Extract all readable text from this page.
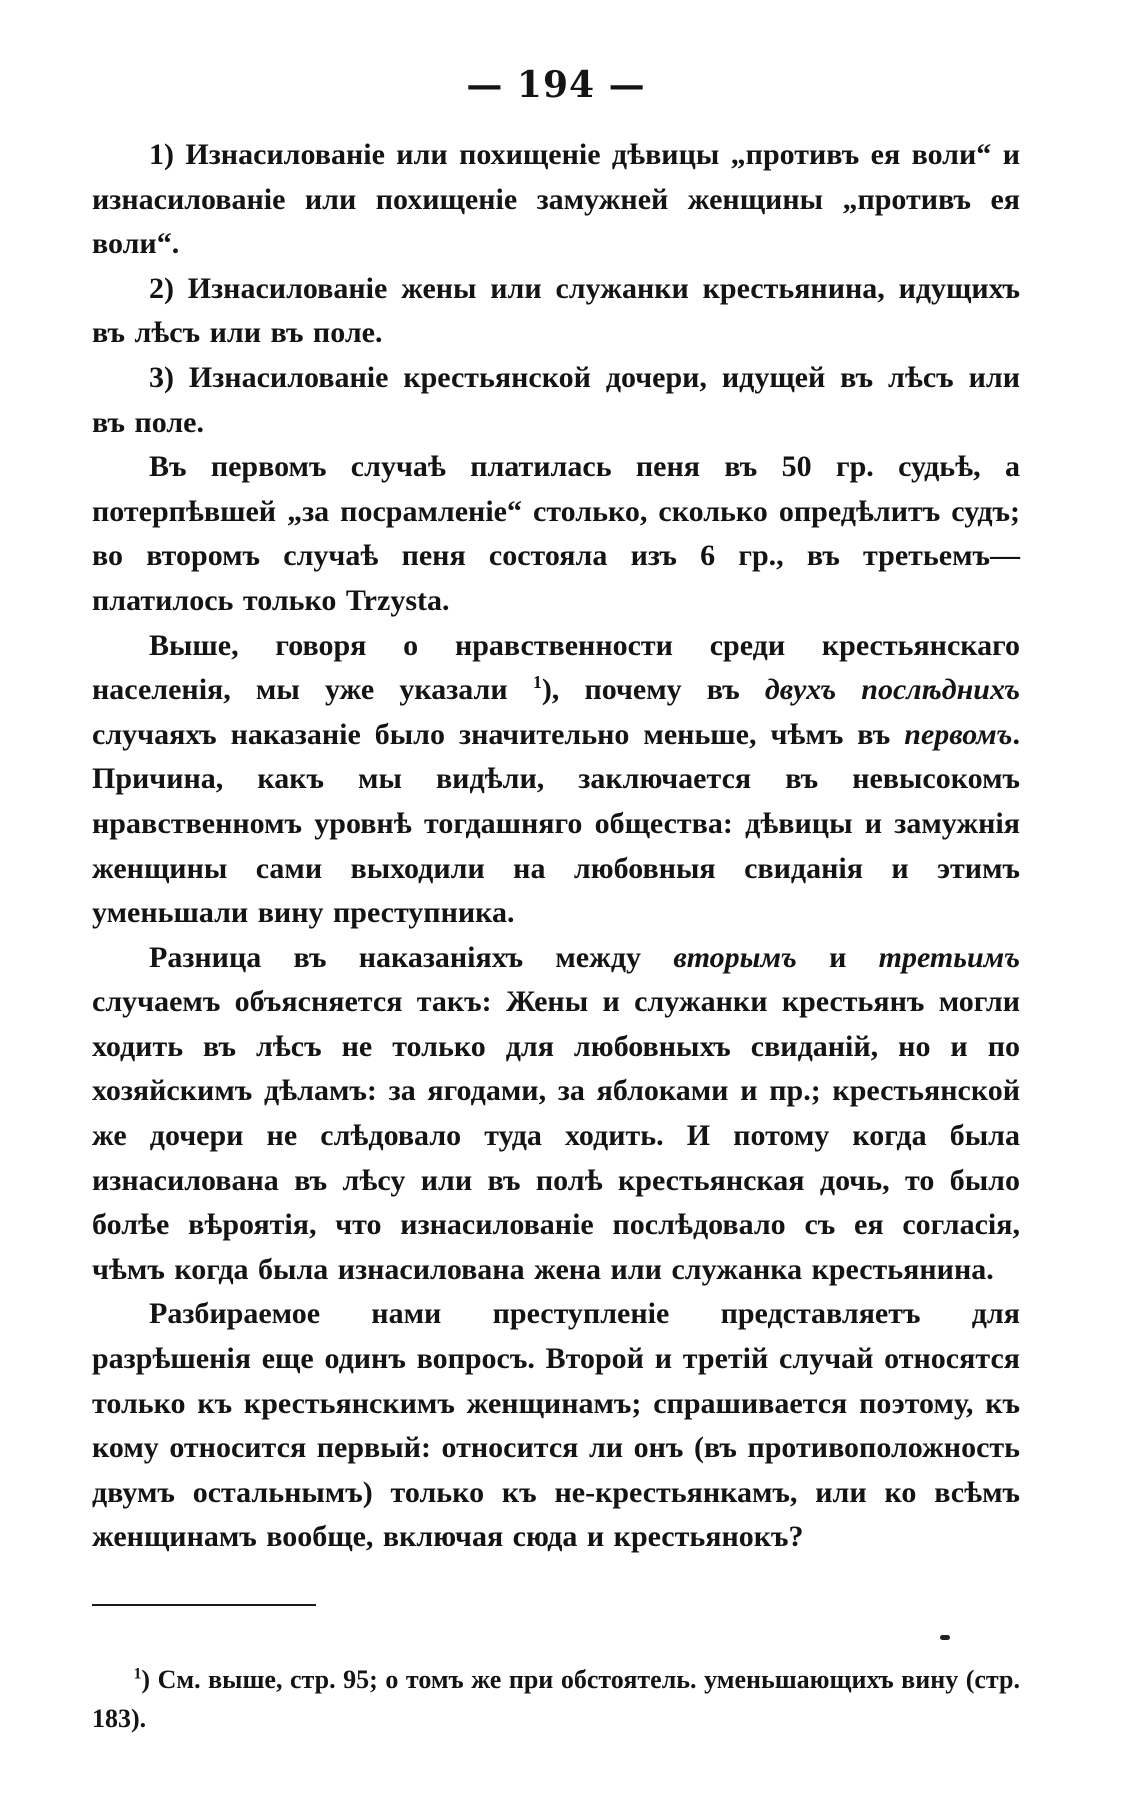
— 194 —

1) Изнасилованіе или похищеніе дѣвицы „противъ ея воли“ и изнасилованіе или похищеніе замужней женщины „противъ ея воли“.

2) Изнасилованіе жены или служанки крестьянина, идущихъ въ лѣсъ или въ поле.

3) Изнасилованіе крестьянской дочери, идущей въ лѣсъ или въ поле.

Въ первомъ случаѣ платилась пеня въ 50 гр. судьѣ, а потерпѣвшей „за посрамленіе“ столько, сколько опредѣлитъ судъ; во второмъ случаѣ пеня состояла изъ 6 гр., въ третьемъ—платилось только Trzysta.

Выше, говоря о нравственности среди крестьянскаго населенія, мы уже указали $^1$), почему въ двухъ послѣднихъ случаяхъ наказаніе было значительно меньше, чѣмъ въ первомъ. Причина, какъ мы видѣли, заключается въ невысокомъ нравственномъ уровнѣ тогдашняго общества: дѣвицы и замужнія женщины сами выходили на любовныя свиданія и этимъ уменьшали вину преступника.

Разница въ наказаніяхъ между вторымъ и третьимъ случаемъ объясняется такъ: Жены и служанки крестьянъ могли ходить въ лѣсъ не только для любовныхъ свиданій, но и по хозяйскимъ дѣламъ: за ягодами, за яблоками и пр.; крестьянской же дочери не слѣдовало туда ходить. И потому когда была изнасилована въ лѣсу или въ полѣ крестьянская дочь, то было болѣе вѣроятія, что изнасилованіе послѣдовало съ ея согласія, чѣмъ когда была изнасилована жена или служанка крестьянина.

Разбираемое нами преступленіе представляетъ для разрѣшенія еще одинъ вопросъ. Второй и третій случай относятся только къ крестьянскимъ женщинамъ; спрашивается поэтому, къ кому относится первый: относится ли онъ (въ противоположность двумъ остальнымъ) только къ не-крестьянкамъ, или ко всѣмъ женщинамъ вообще, включая сюда и крестьянокъ?

$^1$) См. выше, стр. 95; о томъ же при обстоятель. уменьшающихъ вину (стр. 183).
